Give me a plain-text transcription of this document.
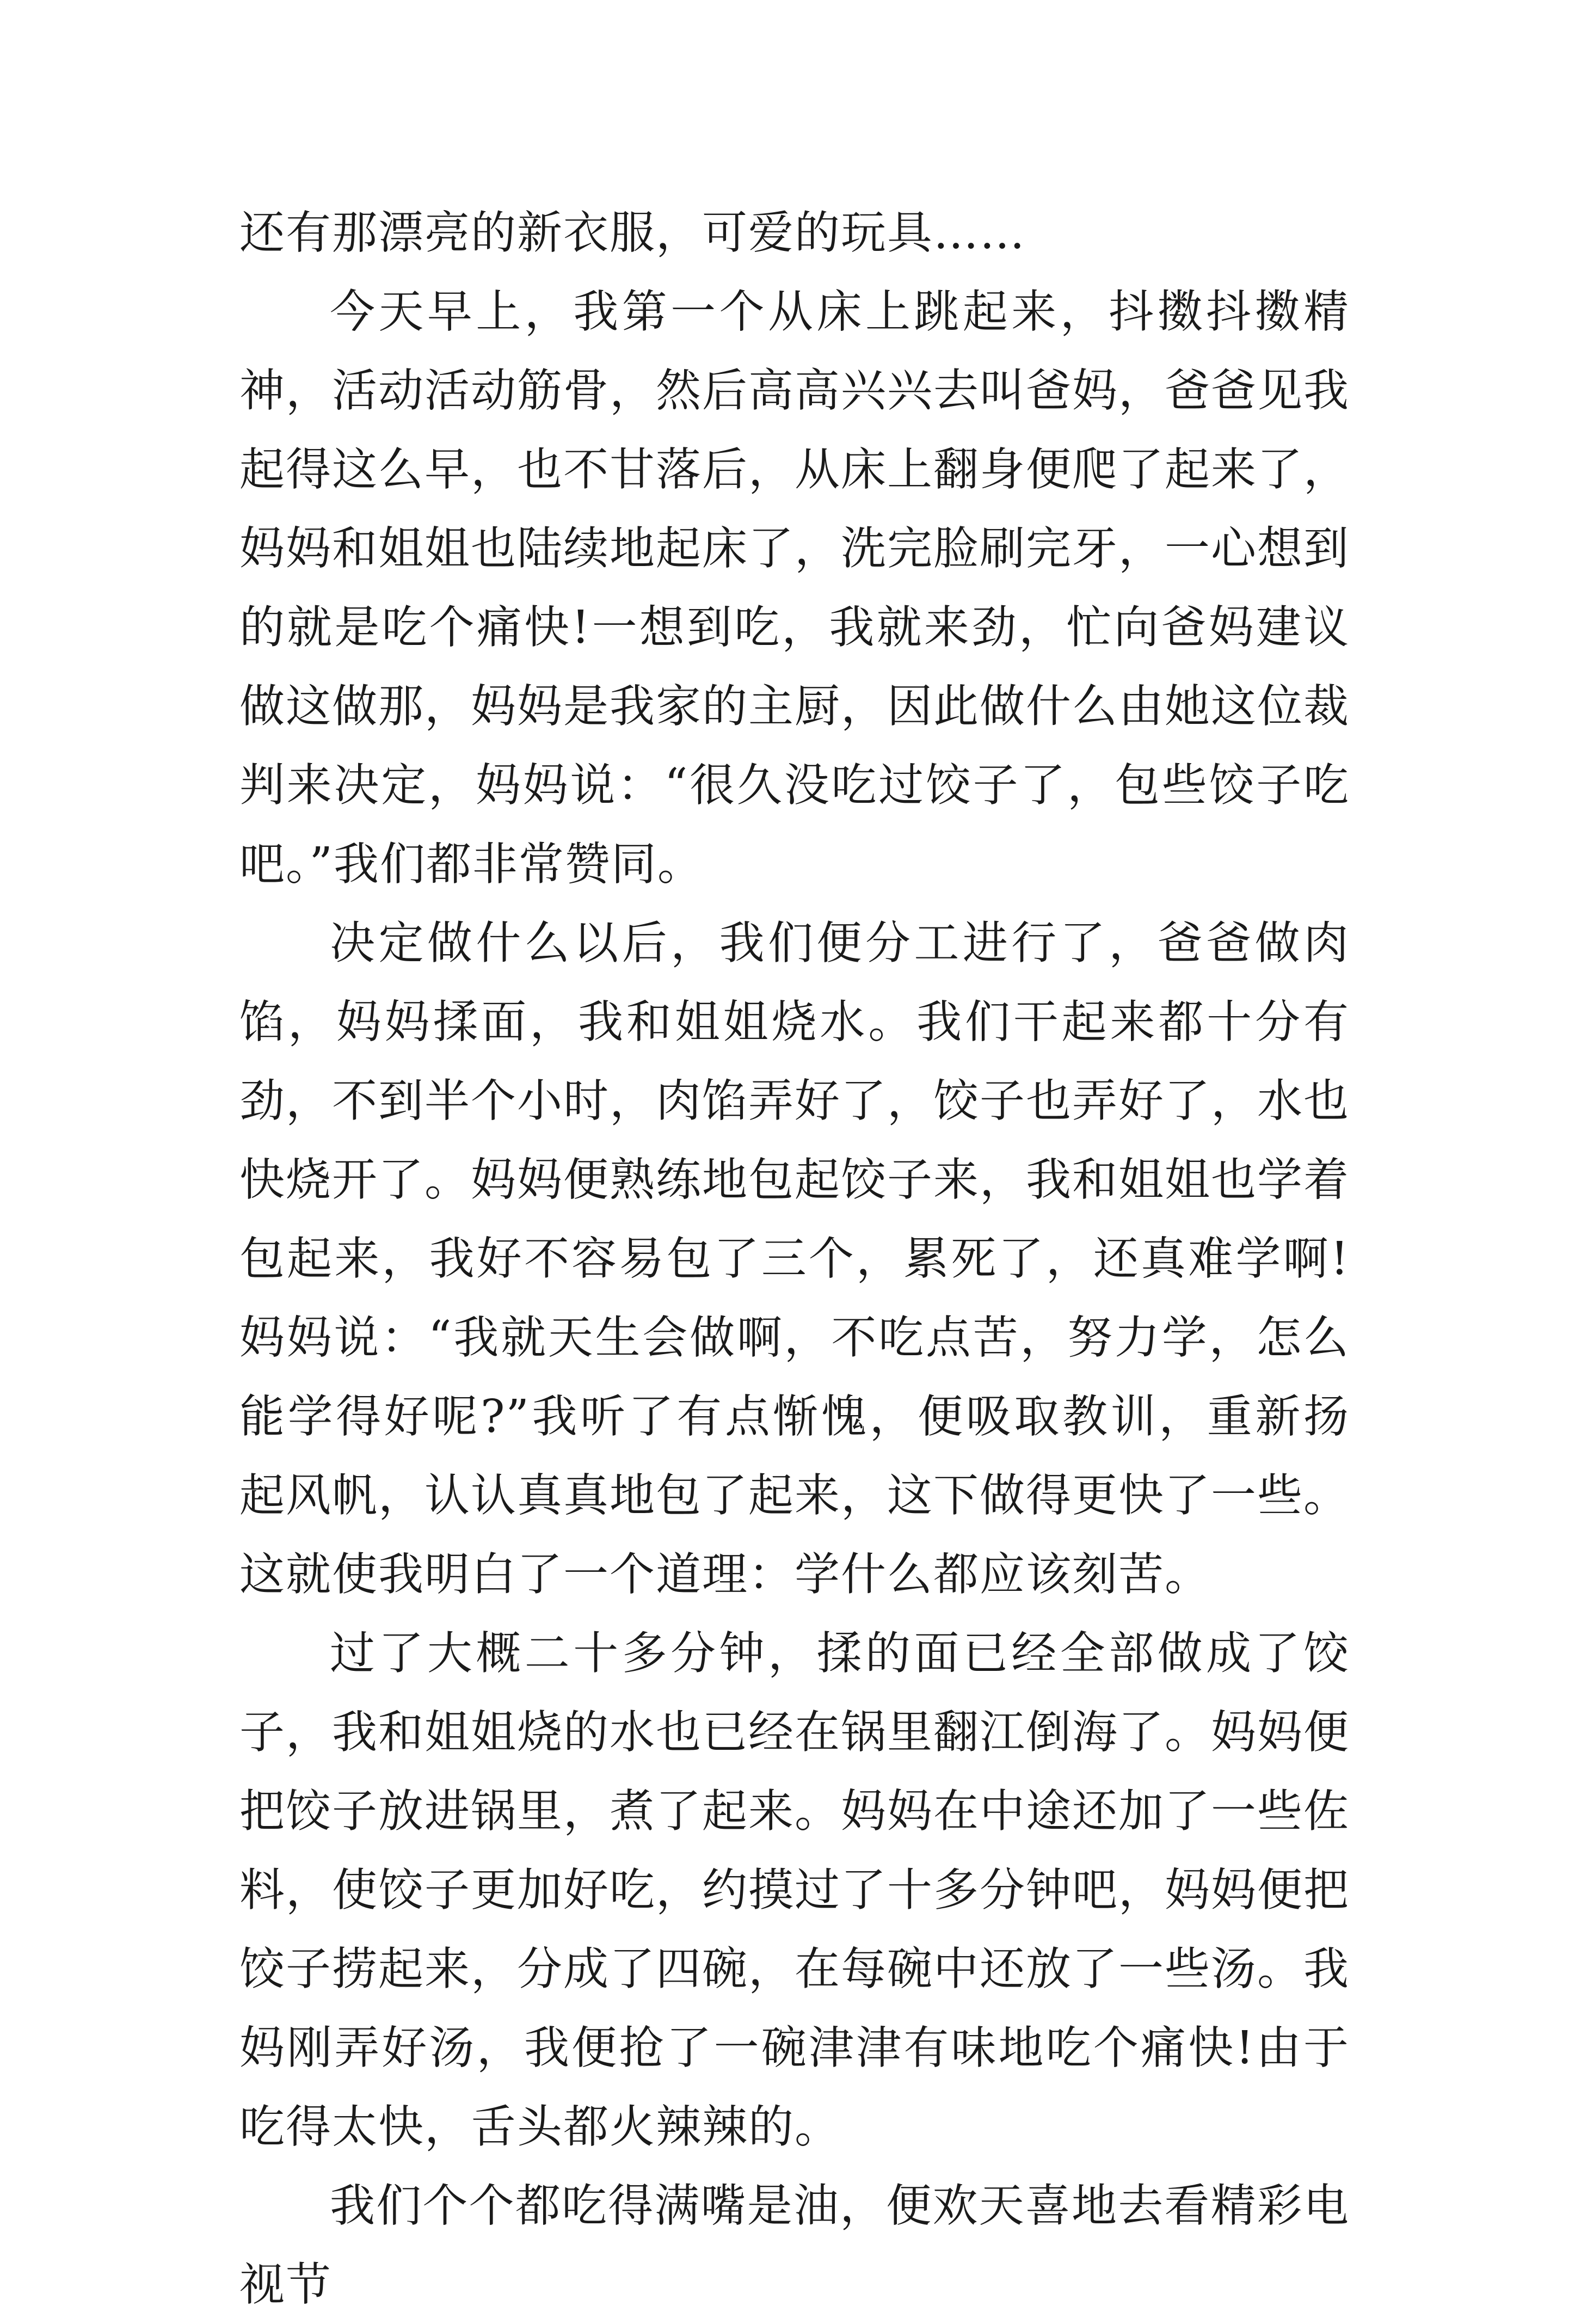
还有那漂亮的新衣服，可爱的玩具……

今天早上，我第一个从床上跳起来，抖擞抖擞精神，活动活动筋骨，然后高高兴兴去叫爸妈，爸爸见我起得这么早，也不甘落后，从床上翻身便爬了起来了，妈妈和姐姐也陆续地起床了，洗完脸刷完牙，一心想到的就是吃个痛快!一想到吃，我就来劲，忙向爸妈建议做这做那，妈妈是我家的主厨，因此做什么由她这位裁判来决定，妈妈说：“很久没吃过饺子了，包些饺子吃吧。”我们都非常赞同。

决定做什么以后，我们便分工进行了，爸爸做肉馅，妈妈揉面，我和姐姐烧水。我们干起来都十分有劲，不到半个小时，肉馅弄好了，饺子也弄好了，水也快烧开了。妈妈便熟练地包起饺子来，我和姐姐也学着包起来，我好不容易包了三个，累死了，还真难学啊!妈妈说：“我就天生会做啊，不吃点苦，努力学，怎么能学得好呢?”我听了有点惭愧，便吸取教训，重新扬起风帆，认认真真地包了起来，这下做得更快了一些。这就使我明白了一个道理：学什么都应该刻苦。

过了大概二十多分钟，揉的面已经全部做成了饺子，我和姐姐烧的水也已经在锅里翻江倒海了。妈妈便把饺子放进锅里，煮了起来。妈妈在中途还加了一些佐料，使饺子更加好吃，约摸过了十多分钟吧，妈妈便把饺子捞起来，分成了四碗，在每碗中还放了一些汤。我妈刚弄好汤，我便抢了一碗津津有味地吃个痛快!由于吃得太快，舌头都火辣辣的。

我们个个都吃得满嘴是油，便欢天喜地去看精彩电视节
